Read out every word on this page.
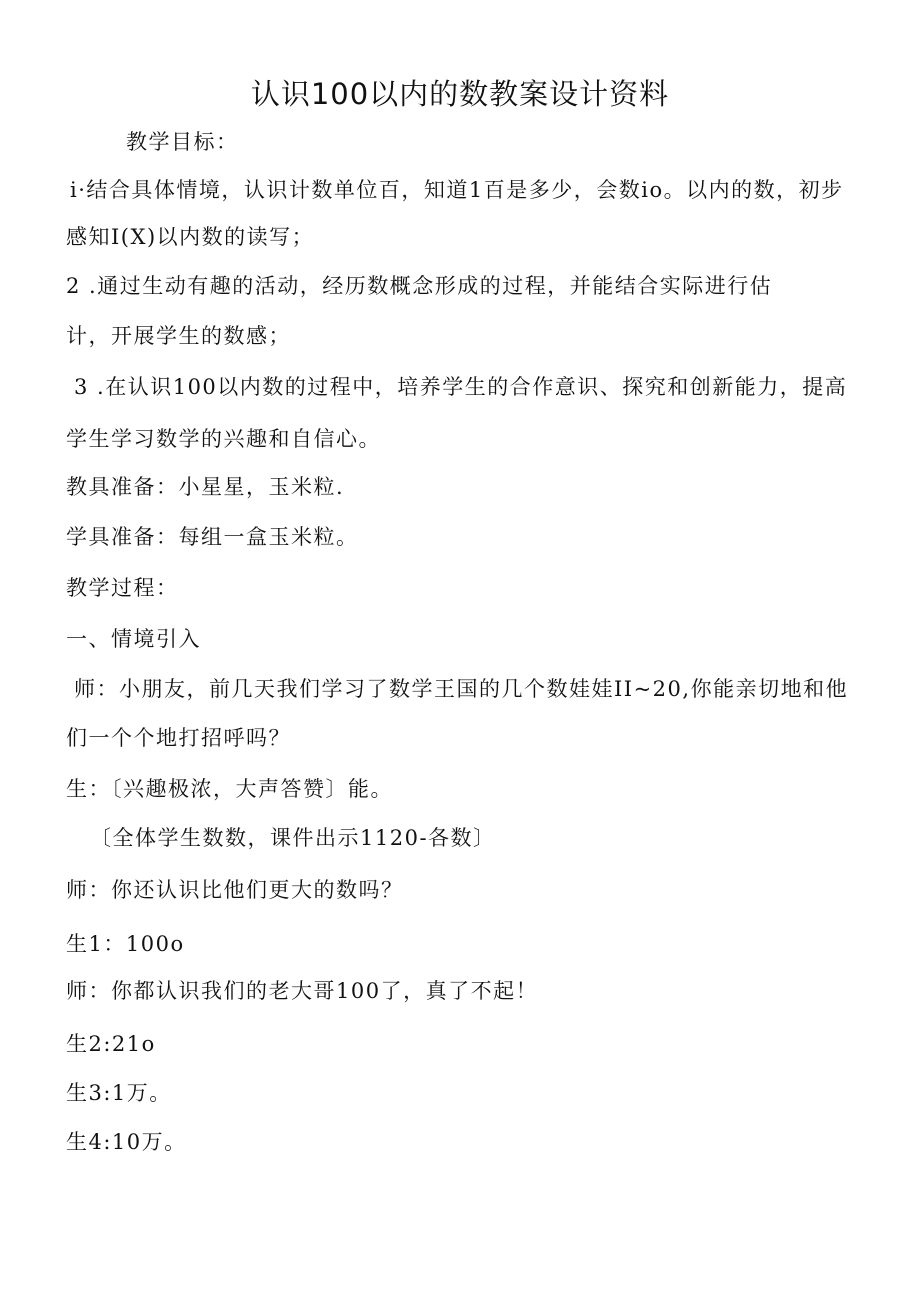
认识100以内的数教案设计资料
教学目标：
i·结合具体情境，认识计数单位百，知道1百是多少，会数io。以内的数，初步
感知I(X)以内数的读写；
2 .通过生动有趣的活动，经历数概念形成的过程，并能结合实际进行估
计，开展学生的数感；
3 .在认识100以内数的过程中，培养学生的合作意识、探究和创新能力，提高
学生学习数学的兴趣和自信心。
教具准备：小星星，玉米粒.
学具准备：每组一盒玉米粒。
教学过程：
一、情境引入
师：小朋友，前几天我们学习了数学王国的几个数娃娃II~20,你能亲切地和他
们一个个地打招呼吗？
生：〔兴趣极浓，大声答赞〕能。
〔全体学生数数，课件出示1120-各数〕
师：你还认识比他们更大的数吗？
生1：100o
师：你都认识我们的老大哥100了，真了不起！
生2:21o
生3:1万。
生4:10万。
